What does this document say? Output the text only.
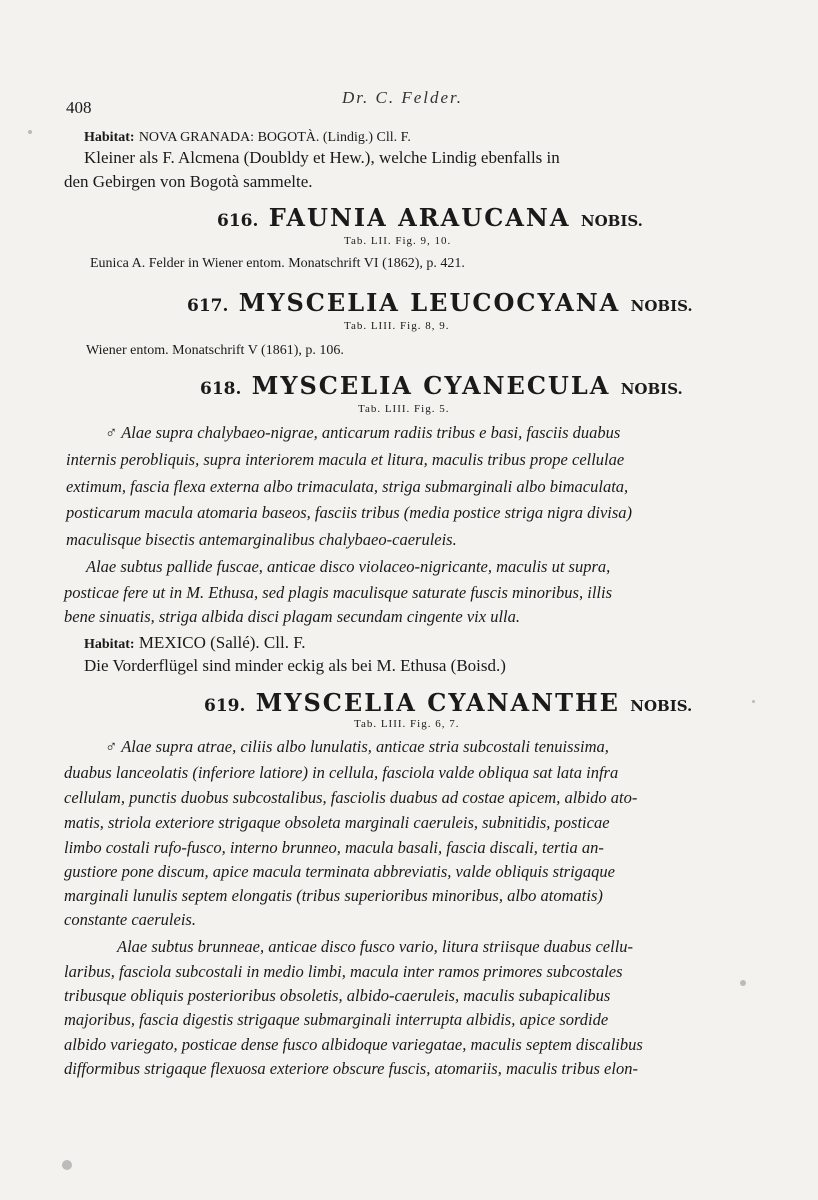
408
Dr. C. Felder.
Habitat: NOVA GRANADA: BOGOTÀ. (Lindig.) Cll. F.
Kleiner als F. Alcmena (Doubldy et Hew.), welche Lindig ebenfalls in
den Gebirgen von Bogotà sammelte.
616. FAUNIA ARAUCANA NOBIS.
Tab. LII. Fig. 9, 10.
Eunica A. Felder in Wiener entom. Monatschrift VI (1862), p. 421.
617. MYSCELIA LEUCOCYANA NOBIS.
Tab. LIII. Fig. 8, 9.
Wiener entom. Monatschrift V (1861), p. 106.
618. MYSCELIA CYANECULA NOBIS.
Tab. LIII. Fig. 5.
♂ Alae supra chalybaeo-nigrae, anticarum radiis tribus e basi, fasciis duabus
internis perobliquis, supra interiorem macula et litura, maculis tribus prope cellulae
extimum, fascia flexa externa albo trimaculata, striga submarginali albo bimaculata,
posticarum macula atomaria baseos, fasciis tribus (media postice striga nigra divisa)
maculisque bisectis antemarginalibus chalybaeo-caeruleis.
Alae subtus pallide fuscae, anticae disco violaceo-nigricante, maculis ut supra,
posticae fere ut in M. Ethusa, sed plagis maculisque saturate fuscis minoribus, illis
bene sinuatis, striga albida disci plagam secundam cingente vix ulla.
Habitat: MEXICO (Sallé). Cll. F.
Die Vorderflügel sind minder eckig als bei M. Ethusa (Boisd.)
619. MYSCELIA CYANANTHE NOBIS.
Tab. LIII. Fig. 6, 7.
♂ Alae supra atrae, ciliis albo lunulatis, anticae stria subcostali tenuissima,
duabus lanceolatis (inferiore latiore) in cellula, fasciola valde obliqua sat lata infra
cellulam, punctis duobus subcostalibus, fasciolis duabus ad costae apicem, albido ato-
matis, striola exteriore strigaque obsoleta marginali caeruleis, subnitidis, posticae
limbo costali rufo-fusco, interno brunneo, macula basali, fascia discali, tertia an-
gustiore pone discum, apice macula terminata abbreviatis, valde obliquis strigaque
marginali lunulis septem elongatis (tribus superioribus minoribus, albo atomatis)
constante caeruleis.
Alae subtus brunneae, anticae disco fusco vario, litura striisque duabus cellu-
laribus, fasciola subcostali in medio limbi, macula inter ramos primores subcostales
tribusque obliquis posterioribus obsoletis, albido-caeruleis, maculis subapicalibus
majoribus, fascia digestis strigaque submarginali interrupta albidis, apice sordide
albido variegato, posticae dense fusco albidoque variegatae, maculis septem discalibus
difformibus strigaque flexuosa exteriore obscure fuscis, atomariis, maculis tribus elon-
